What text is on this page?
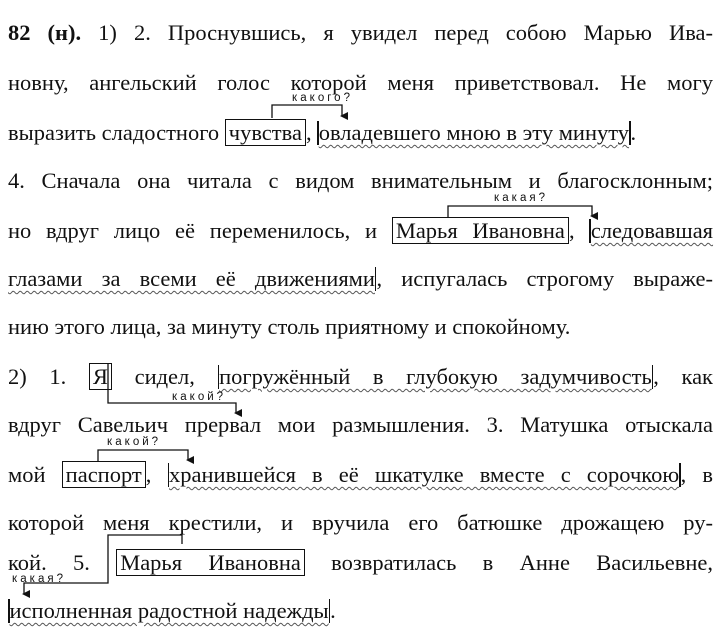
82 (н). 1) 2. Проснувшись, я увидел перед собою Марью Ива-
новну, ангельский голос которой меня приветствовал. Не могу
выразить сладостного чувства , овладевшего мною в эту минуту.
4. Сначала она читала с видом внимательным и благосклонным;
но вдруг лицо её переменилось, и Марья Ивановна , следовавшая
глазами за всеми её движениями, испугалась строгому выраже-
нию этого лица, за минуту столь приятному и спокойному.
2) 1. Я сидел, погружённый в глубокую задумчивость, как
вдруг Савельич прервал мои размышления. 3. Матушка отыскала
мой паспорт , хранившейся в её шкатулке вместе с сорочкою, в
которой меня крестили, и вручила его батюшке дрожащею ру-
кой. 5. Марья Ивановна возвратилась в Анне Васильевне,
исполненная радостной надежды.
какого?
какая?
какой?
какой?
какая?
